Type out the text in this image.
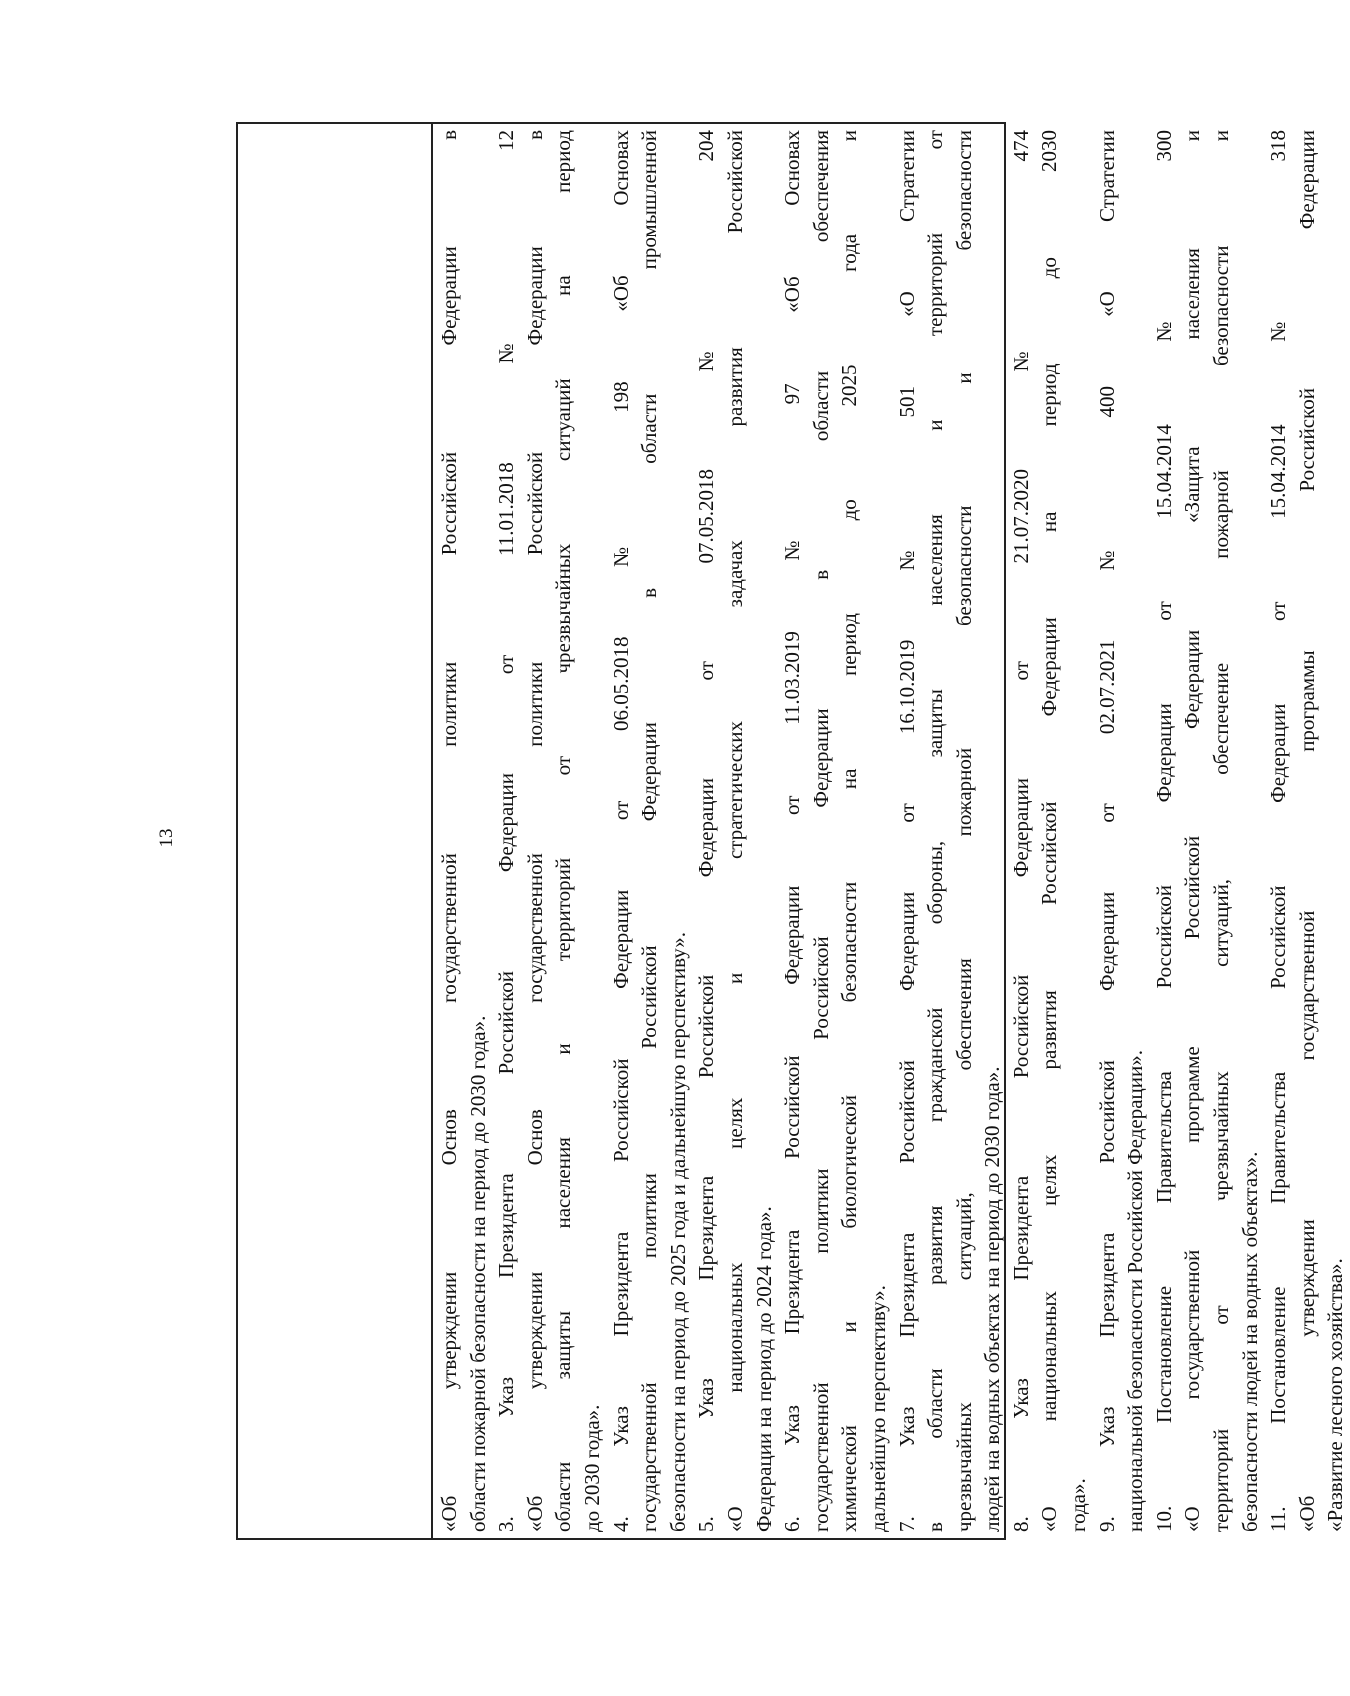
13	«Об утверждении Основ государственной политики Российской Федерации в области пожарной безопасности на период до 2030 года». 3. Указ Президента Российской Федерации от 11.01.2018 № 12 «Об утверждении Основ государственной политики Российской Федерации в области защиты населения и территорий от чрезвычайных ситуаций на период до 2030 года». 4. Указ Президента Российской Федерации от 06.05.2018 № 198 «Об Основах государственной политики Российской Федерации в области промышленной безопасности на период до 2025 года и дальнейшую перспективу». 5. Указ Президента Российской Федерации от 07.05.2018 № 204 «О национальных целях и стратегических задачах развития Российской Федерации на период до 2024 года». 6. Указ Президента Российской Федерации от 11.03.2019 № 97 «Об Основах государственной политики Российской Федерации в области обеспечения химической и биологической безопасности на период до 2025 года и дальнейшую перспективу». 7. Указ Президента Российской Федерации от 16.10.2019 № 501 «О Стратегии в области развития гражданской обороны, защиты населения и территорий от чрезвычайных ситуаций, обеспечения пожарной безопасности и безопасности людей на водных объектах на период до 2030 года». 8. Указ Президента Российской Федерации от 21.07.2020 № 474 «О национальных целях развития Российской Федерации на период до 2030 года». 9. Указ Президента Российской Федерации от 02.07.2021 № 400 «О Стратегии национальной безопасности Российской Федерации». 10. Постановление Правительства Российской Федерации от 15.04.2014 № 300 «О государственной программе Российской Федерации «Защита населения и территорий от чрезвычайных ситуаций, обеспечение пожарной безопасности и безопасности людей на водных объектах». 11. Постановление Правительства Российской Федерации от 15.04.2014 № 318 «Об утверждении государственной программы Российской Федерации «Развитие лесного хозяйства».
